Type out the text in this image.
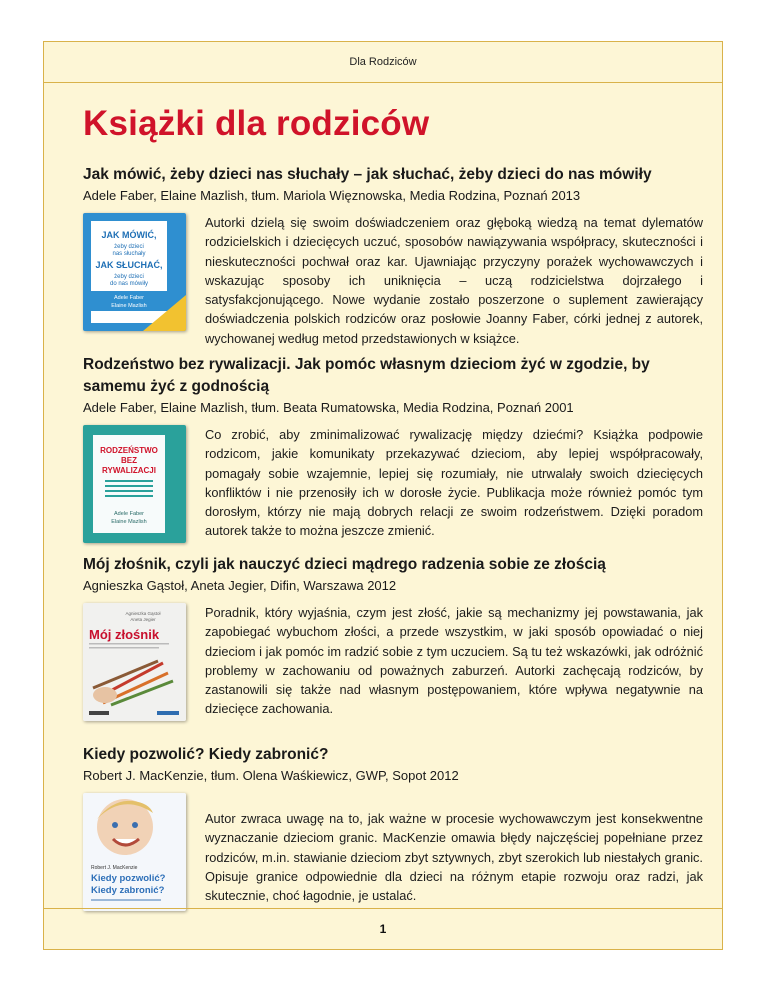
Dla Rodziców
Książki dla rodziców
Jak mówić, żeby dzieci nas słuchały – jak słuchać, żeby dzieci do nas mówiły
Adele Faber, Elaine Mazlish, tłum. Mariola Więznowska, Media Rodzina, Poznań 2013
JAK MÓWIĆ,
żeby dzieci
nas słuchały
JAK SŁUCHAĆ,
żeby dzieci
do nas mówiły
Adele Faber
Elaine Mazlish

Autorki dzielą się swoim doświadczeniem oraz głęboką wiedzą na temat dylematów rodzicielskich i dziecięcych uczuć, sposobów nawiązywania współpracy, skuteczności i nieskuteczności pochwał oraz kar. Ujawniając przyczyny porażek wychowawczych i wskazując sposoby ich uniknięcia – uczą rodzicielstwa dojrzałego i satysfakcjonującego. Nowe wydanie zostało poszerzone o suplement zawierający doświadczenia polskich rodziców oraz posłowie Joanny Faber, córki jednej z autorek, wychowanej według metod przedstawionych w książce.

Rodzeństwo bez rywalizacji. Jak pomóc własnym dzieciom żyć w zgodzie, by samemu żyć z godnością
Adele Faber, Elaine Mazlish, tłum. Beata Rumatowska, Media Rodzina, Poznań 2001
RODZEŃSTWO
BEZ
RYWALIZACJI
Adele Faber
Elaine Mazlish

Co zrobić, aby zminimalizować rywalizację między dziećmi? Książka podpowie rodzicom, jakie komunikaty przekazywać dzieciom, aby lepiej współpracowały, pomagały sobie wzajemnie, lepiej się rozumiały, nie utrwalały swoich dziecięcych konfliktów i nie przenosiły ich w dorosłe życie. Publikacja może również pomóc tym dorosłym, którzy nie mają dobrych relacji ze swoim rodzeństwem. Dzięki poradom autorek także to można jeszcze zmienić.

Mój złośnik, czyli jak nauczyć dzieci mądrego radzenia sobie ze złością
Agnieszka Gąstoł, Aneta Jegier, Difin, Warszawa 2012
Agnieszka Gąstoł
Aneta Jegier
Mój złośnik

Poradnik, który wyjaśnia, czym jest złość, jakie są mechanizmy jej powstawania, jak zapobiegać wybuchom złości, a przede wszystkim, w jaki sposób opowiadać o niej dzieciom i jak pomóc im radzić sobie z tym uczuciem. Są tu też wskazówki, jak odróżnić problemy w zachowaniu od poważnych zaburzeń. Autorki zachęcają rodziców, by zastanowili się także nad własnym postępowaniem, które wpływa negatywnie na dziecięce zachowania.

Kiedy pozwolić? Kiedy zabronić?
Robert J. MacKenzie, tłum. Olena Waśkiewicz, GWP, Sopot 2012
Robert J. MacKenzie
Kiedy pozwolić?
Kiedy zabronić?

Autor zwraca uwagę na to, jak ważne w procesie wychowawczym jest konsekwentne wyznaczanie dzieciom granic. MacKenzie omawia błędy najczęściej popełniane przez rodziców, m.in. stawianie dzieciom zbyt sztywnych, zbyt szerokich lub niestałych granic. Opisuje granice odpowiednie dla dzieci na różnym etapie rozwoju oraz radzi, jak skutecznie, choć łagodnie, je ustalać.

1
